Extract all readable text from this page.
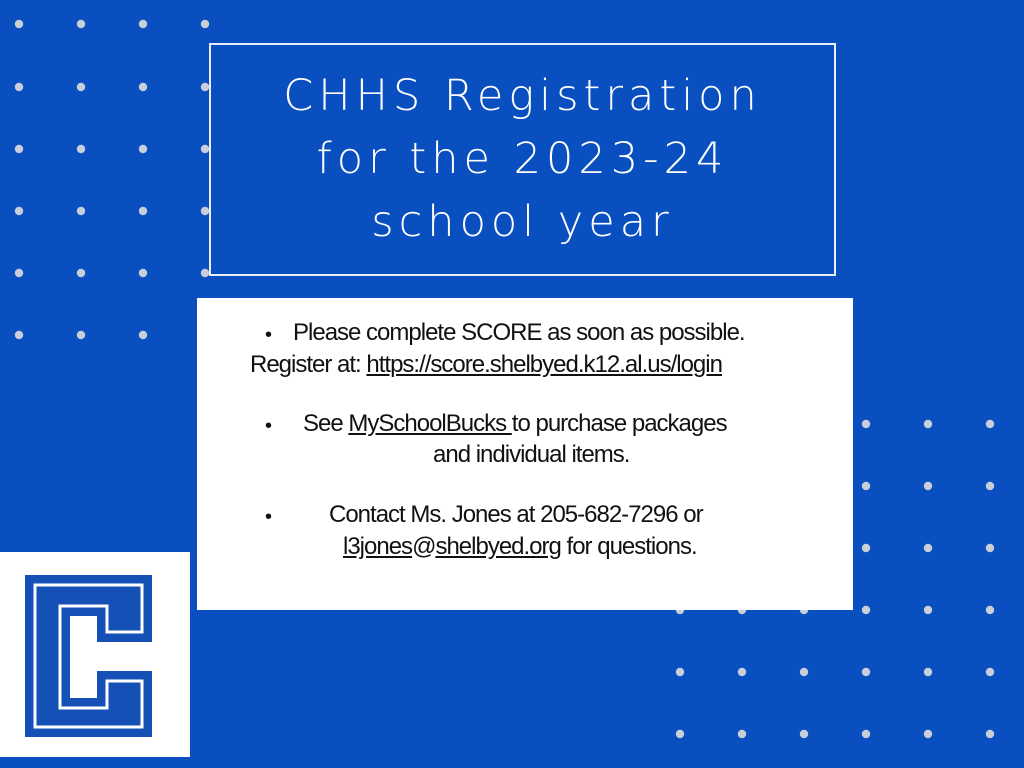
CHHS Registration
for the 2023-24
school year
• Please complete SCORE as soon as possible.
Register at: https://score.shelbyed.k12.al.us/login
• See MySchoolBucks to purchase packages
and individual items.
• Contact Ms. Jones at 205-682-7296 or
l3jones@shelbyed.org for questions.
